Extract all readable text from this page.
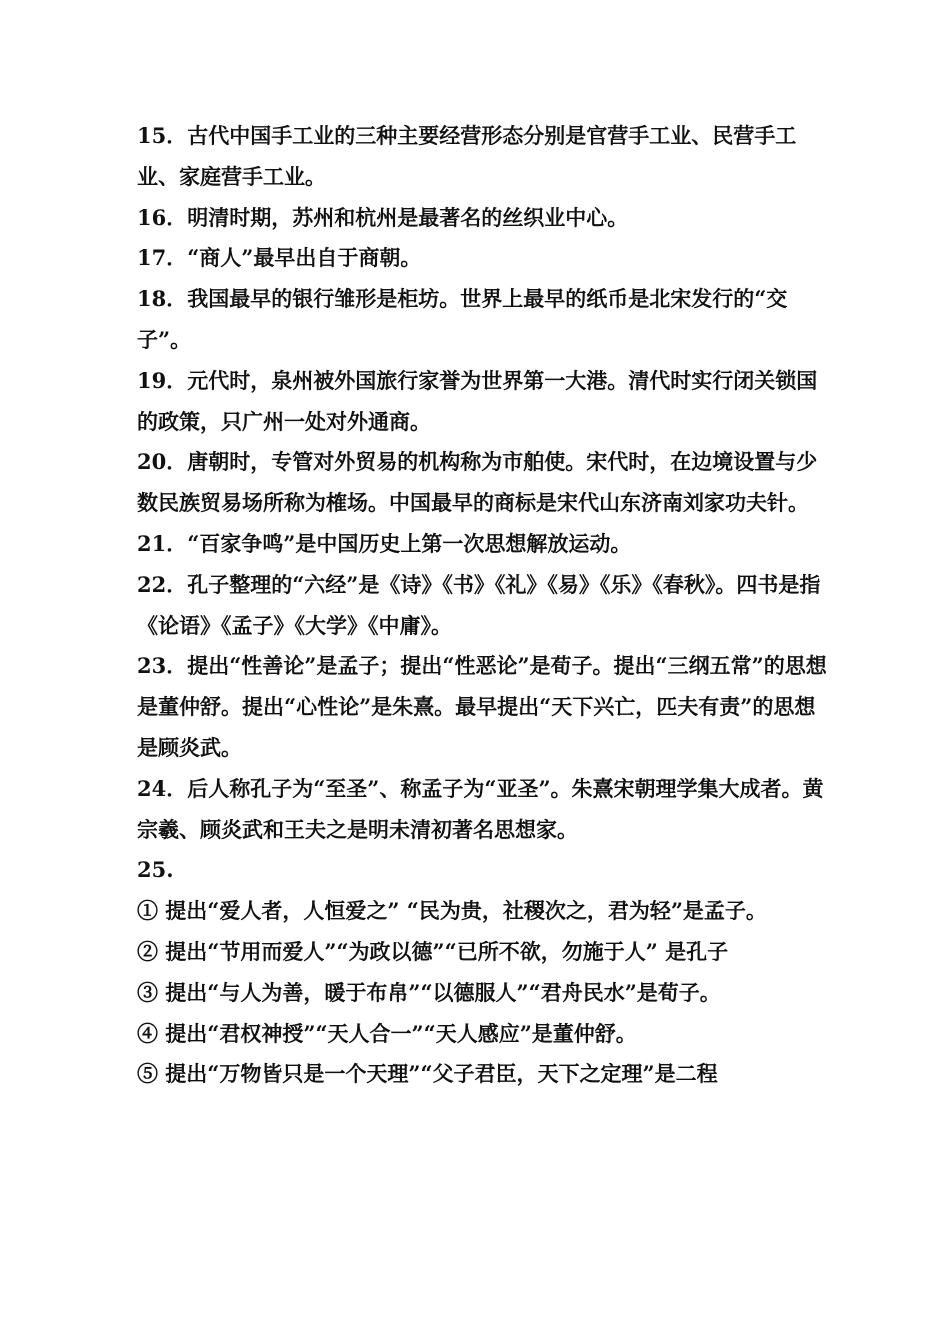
15．古代中国手工业的三种主要经营形态分别是官营手工业、民营手工业、家庭营手工业。

16．明清时期，苏州和杭州是最著名的丝织业中心。

17．“商人”最早出自于商朝。

18．我国最早的银行雏形是柜坊。世界上最早的纸币是北宋发行的“交子”。

19．元代时，泉州被外国旅行家誉为世界第一大港。清代时实行闭关锁国的政策，只广州一处对外通商。

20．唐朝时，专管对外贸易的机构称为市舶使。宋代时，在边境设置与少数民族贸易场所称为榷场。中国最早的商标是宋代山东济南刘家功夫针。

21．“百家争鸣”是中国历史上第一次思想解放运动。

22．孔子整理的“六经”是《诗》《书》《礼》《易》《乐》《春秋》。四书是指《论语》《孟子》《大学》《中庸》。

23．提出“性善论”是孟子；提出“性恶论”是荀子。提出“三纲五常”的思想是董仲舒。提出“心性论”是朱熹。最早提出“天下兴亡，匹夫有责”的思想是顾炎武。

24．后人称孔子为“至圣”、称孟子为“亚圣”。朱熹宋朝理学集大成者。黄宗羲、顾炎武和王夫之是明未清初著名思想家。

25.

① 提出“爱人者，人恒爱之” “民为贵，社稷次之，君为轻”是孟子。

② 提出“节用而爱人”“为政以德”“已所不欲，勿施于人” 是孔子

③ 提出“与人为善，暖于布帛”“以德服人”“君舟民水”是荀子。

④ 提出“君权神授”“天人合一”“天人感应”是董仲舒。

⑤ 提出“万物皆只是一个天理”“父子君臣，天下之定理”是二程
